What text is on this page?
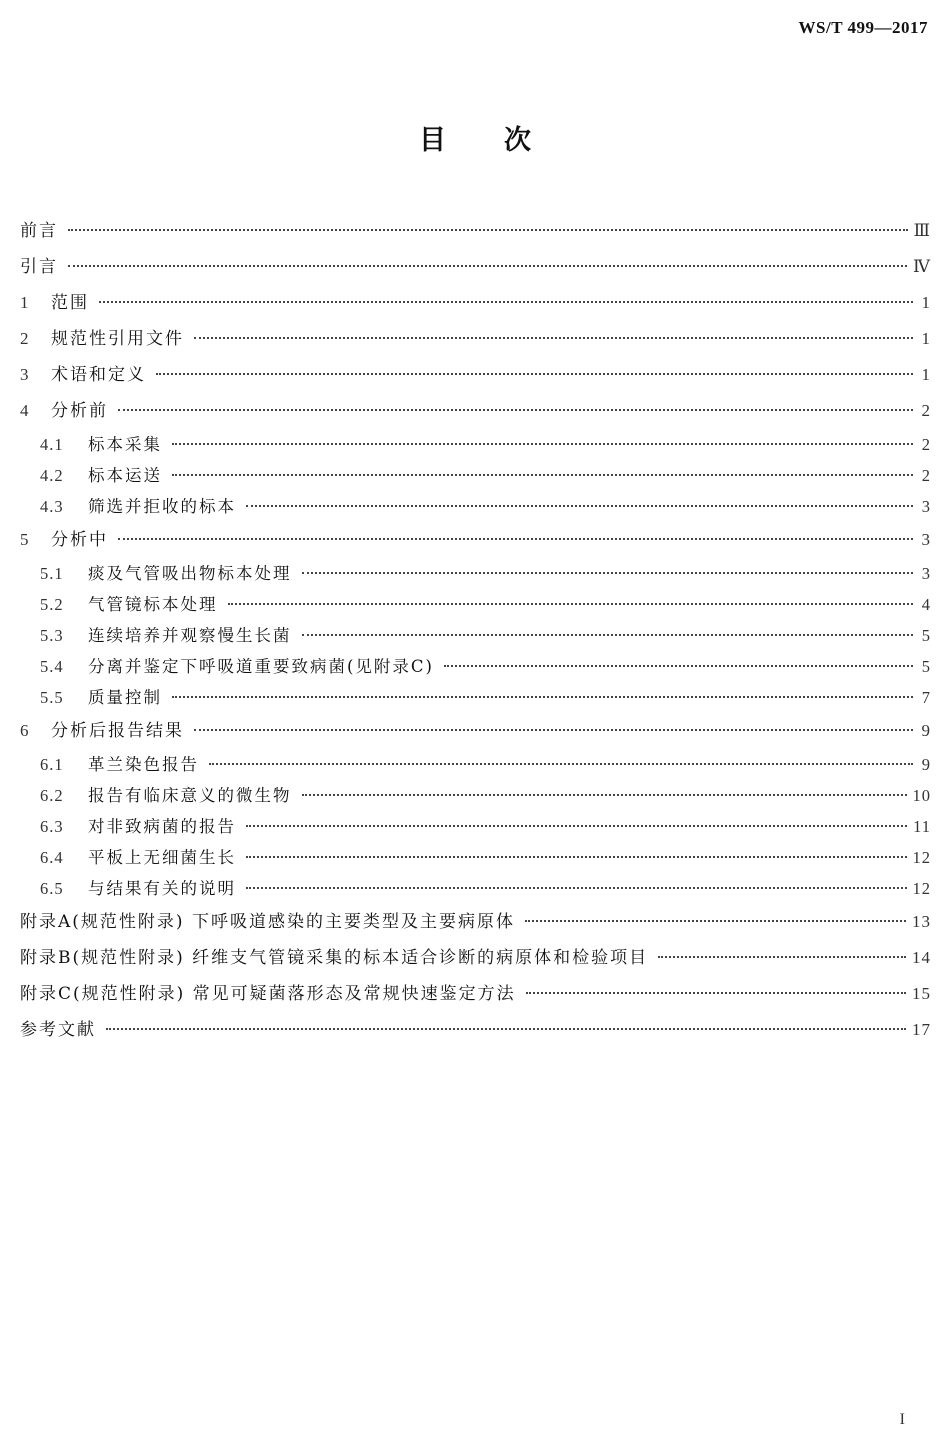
WS/T 499—2017
目次
前言	Ⅲ
引言	Ⅳ
1	范围	1
2	规范性引用文件	1
3	术语和定义	1
4	分析前	2
4.1	标本采集	2
4.2	标本运送	2
4.3	筛选并拒收的标本	3
5	分析中	3
5.1	痰及气管吸出物标本处理	3
5.2	气管镜标本处理	4
5.3	连续培养并观察慢生长菌	5
5.4	分离并鉴定下呼吸道重要致病菌(见附录C)	5
5.5	质量控制	7
6	分析后报告结果	9
6.1	革兰染色报告	9
6.2	报告有临床意义的微生物	10
6.3	对非致病菌的报告	11
6.4	平板上无细菌生长	12
6.5	与结果有关的说明	12
附录A(规范性附录) 下呼吸道感染的主要类型及主要病原体	13
附录B(规范性附录) 纤维支气管镜采集的标本适合诊断的病原体和检验项目	14
附录C(规范性附录) 常见可疑菌落形态及常规快速鉴定方法	15
参考文献	17
I
